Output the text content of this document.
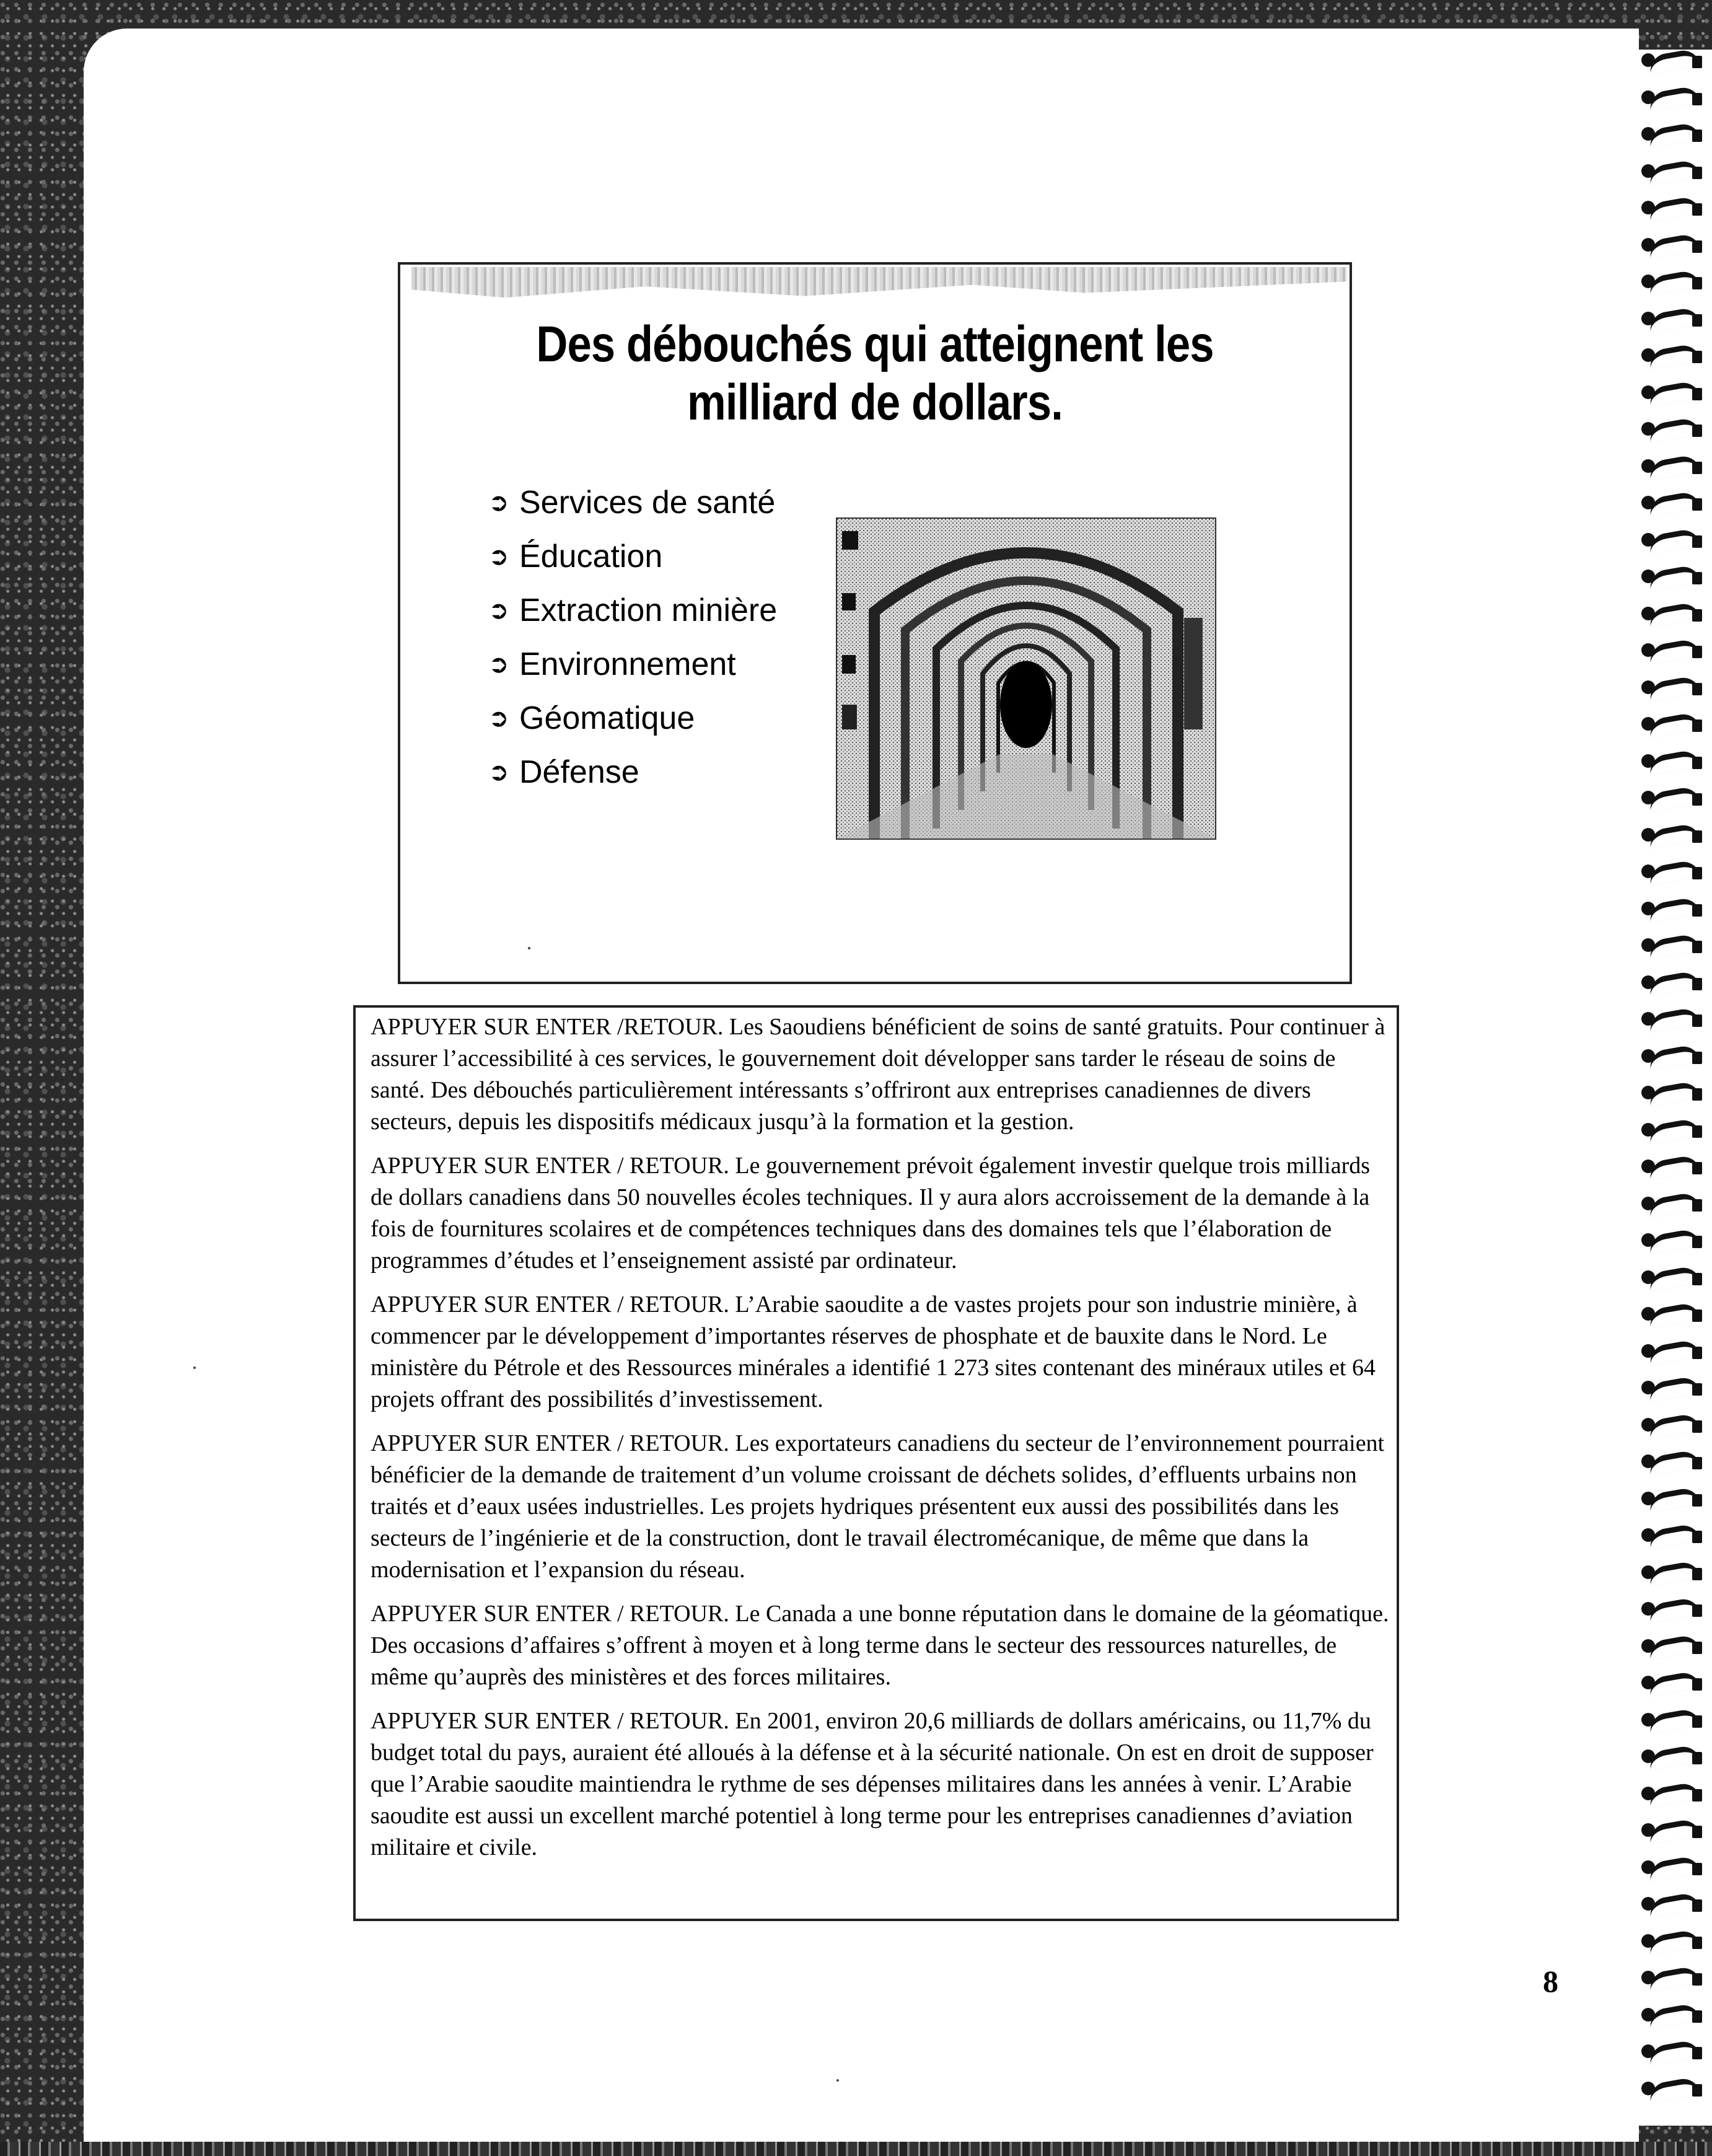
Des débouchés qui atteignent les
milliard de dollars.
➲ Services de santé
➲ Éducation
➲ Extraction minière
➲ Environnement
➲ Géomatique
➲ Défense

APPUYER SUR ENTER /RETOUR. Les Saoudiens bénéficient de soins de santé gratuits. Pour continuer à assurer l’accessibilité à ces services, le gouvernement doit développer sans tarder le réseau de soins de santé. Des débouchés particulièrement intéressants s’offriront aux entreprises canadiennes de divers secteurs, depuis les dispositifs médicaux jusqu’à la formation et la gestion.

APPUYER SUR ENTER / RETOUR. Le gouvernement prévoit également investir quelque trois milliards de dollars canadiens dans 50 nouvelles écoles techniques. Il y aura alors accroissement de la demande à la fois de fournitures scolaires et de compétences techniques dans des domaines tels que l’élaboration de programmes d’études et l’enseignement assisté par ordinateur.

APPUYER SUR ENTER / RETOUR. L’Arabie saoudite a de vastes projets pour son industrie minière, à commencer par le développement d’importantes réserves de phosphate et de bauxite dans le Nord. Le ministère du Pétrole et des Ressources minérales a identifié 1 273 sites contenant des minéraux utiles et 64 projets offrant des possibilités d’investissement.

APPUYER SUR ENTER / RETOUR. Les exportateurs canadiens du secteur de l’environnement pourraient bénéficier de la demande de traitement d’un volume croissant de déchets solides, d’effluents urbains non traités et d’eaux usées industrielles. Les projets hydriques présentent eux aussi des possibilités dans les secteurs de l’ingénierie et de la construction, dont le travail électromécanique, de même que dans la modernisation et l’expansion du réseau.

APPUYER SUR ENTER / RETOUR. Le Canada a une bonne réputation dans le domaine de la géomatique. Des occasions d’affaires s’offrent à moyen et à long terme dans le secteur des ressources naturelles, de même qu’auprès des ministères et des forces militaires.

APPUYER SUR ENTER / RETOUR. En 2001, environ 20,6 milliards de dollars américains, ou 11,7% du budget total du pays, auraient été alloués à la défense et à la sécurité nationale. On est en droit de supposer que l’Arabie saoudite maintiendra le rythme de ses dépenses militaires dans les années à venir. L’Arabie saoudite est aussi un excellent marché potentiel à long terme pour les entreprises canadiennes d’aviation militaire et civile.

8
